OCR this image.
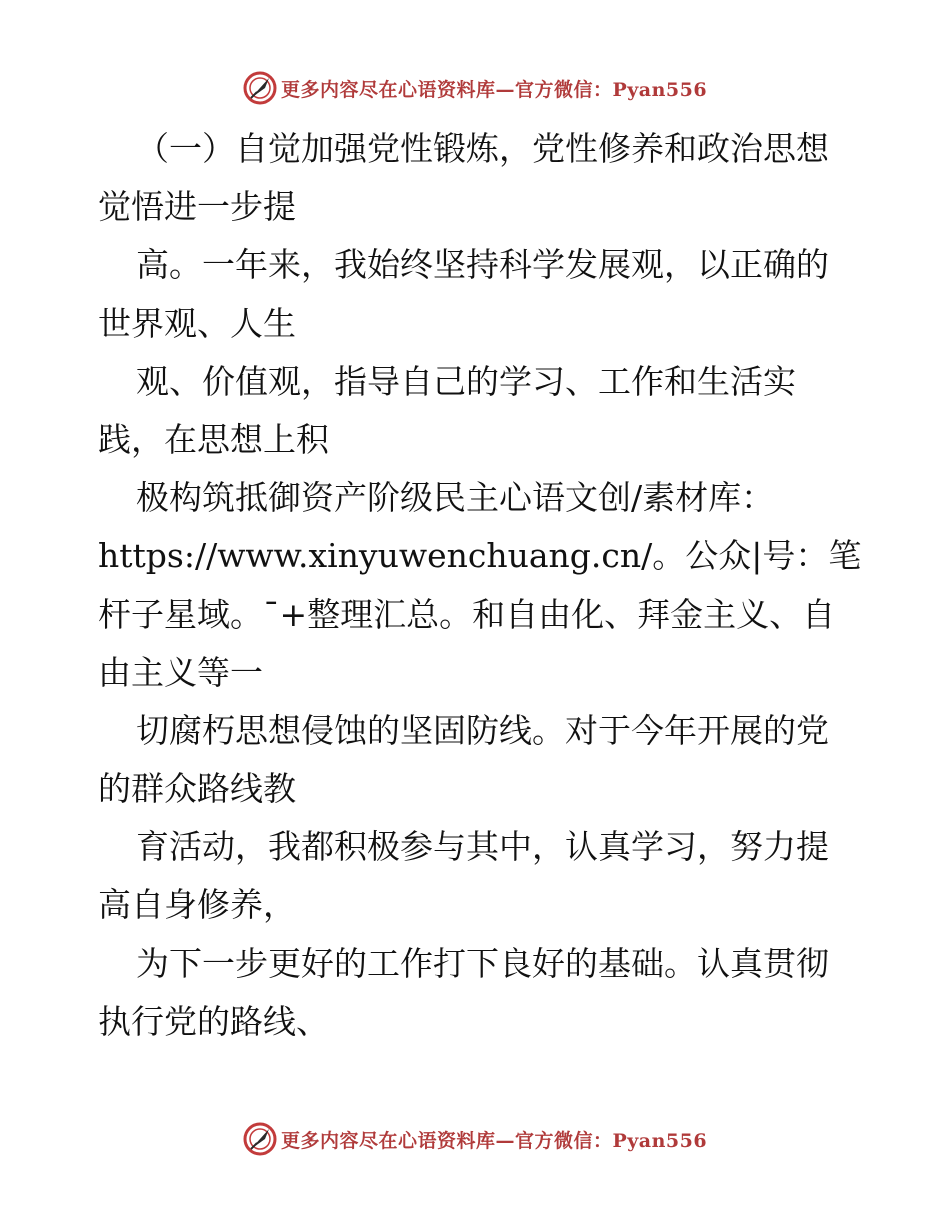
更多内容尽在心语资料库—官方微信：Pyan556
（一）自觉加强党性锻炼，党性修养和政治思想
觉悟进一步提
高。一年来，我始终坚持科学发展观，以正确的
世界观、人生
观、价值观，指导自己的学习、工作和生活实
践，在思想上积
极构筑抵御资产阶级民主心语文创/素材库：
https://www.xinyuwenchuang.cn/。公众|号：笔
杆子星域。¯+整理汇总。和自由化、拜金主义、自
由主义等一
切腐朽思想侵蚀的坚固防线。对于今年开展的党
的群众路线教
育活动，我都积极参与其中，认真学习，努力提
高自身修养，
为下一步更好的工作打下良好的基础。认真贯彻
执行党的路线、
更多内容尽在心语资料库—官方微信：Pyan556
